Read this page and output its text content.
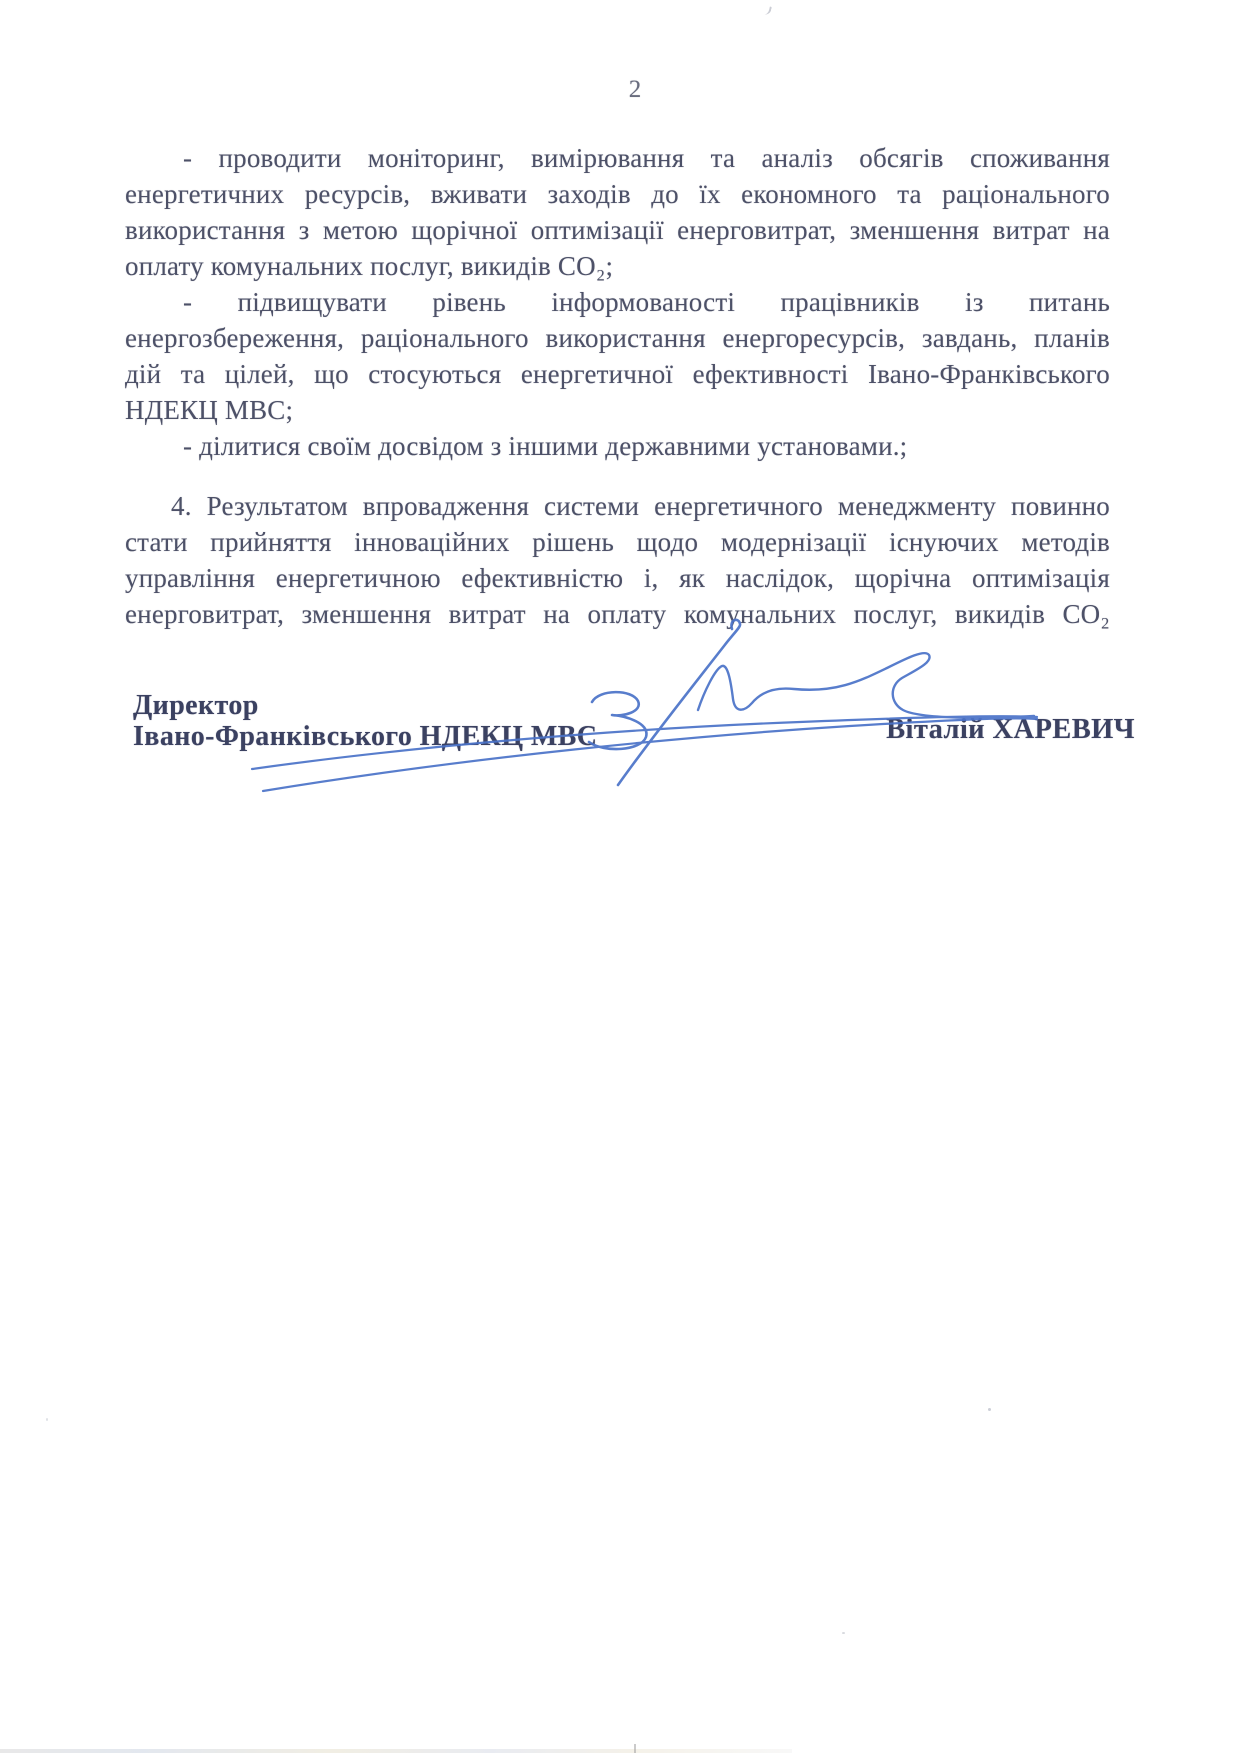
2
- проводити моніторинг, вимірювання та аналіз обсягів споживання
енергетичних ресурсів, вживати заходів до їх економного та раціонального
використання з метою щорічної оптимізації енерговитрат, зменшення витрат на
оплату комунальних послуг, викидів CO₂;
- підвищувати рівень інформованості працівників із питань
енергозбереження, раціонального використання енергоресурсів, завдань, планів
дій та цілей, що стосуються енергетичної ефективності Івано-Франківського
НДЕКЦ МВС;
- ділитися своїм досвідом з іншими державними установами.;
4. Результатом впровадження системи енергетичного менеджменту повинно
стати прийняття інноваційних рішень щодо модернізації існуючих методів
управління енергетичною ефективністю і, як наслідок, щорічна оптимізація
енерговитрат, зменшення витрат на оплату комунальних послуг, викидів CO₂
Директор
Івано-Франківського НДЕКЦ МВС	Віталій ХАРЕВИЧ
